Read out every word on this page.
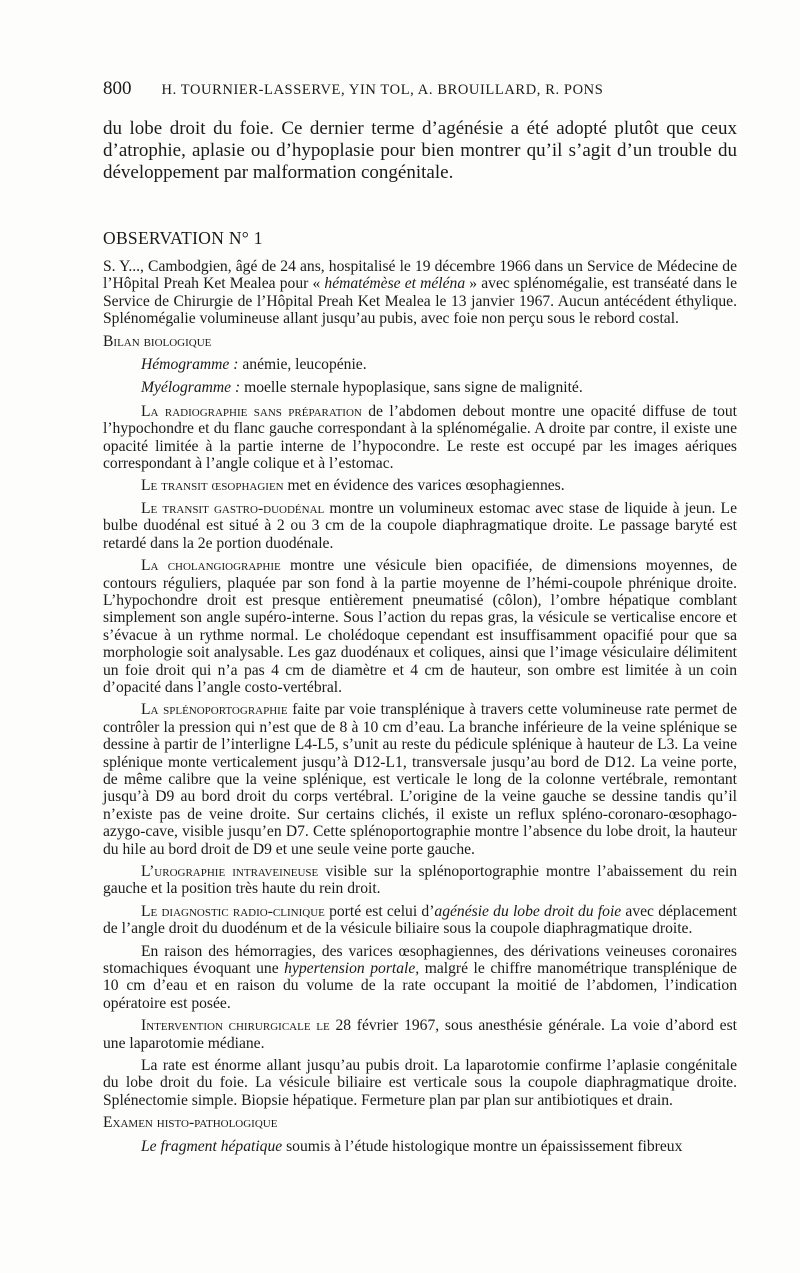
800 H. TOURNIER-LASSERVE, YIN TOL, A. BROUILLARD, R. PONS

du lobe droit du foie. Ce dernier terme d’agénésie a été adopté plutôt que ceux d’atrophie, aplasie ou d’hypoplasie pour bien montrer qu’il s’agit d’un trouble du développement par malformation congénitale.

OBSERVATION N° 1

S. Y..., Cambodgien, âgé de 24 ans, hospitalisé le 19 décembre 1966 dans un Service de Médecine de l’Hôpital Preah Ket Mealea pour « hématémèse et méléna » avec splénomégalie, est transéaté dans le Service de Chirurgie de l’Hôpital Preah Ket Mealea le 13 janvier 1967. Aucun antécédent éthylique. Splénomégalie volumineuse allant jusqu’au pubis, avec foie non perçu sous le rebord costal.

Bilan biologique

Hémogramme : anémie, leucopénie.
Myélogramme : moelle sternale hypoplasique, sans signe de malignité.

La radiographie sans préparation de l’abdomen debout montre une opacité diffuse de tout l’hypochondre et du flanc gauche correspondant à la splénomégalie. A droite par contre, il existe une opacité limitée à la partie interne de l’hypocondre. Le reste est occupé par les images aériques correspondant à l’angle colique et à l’estomac.

Le transit œsophagien met en évidence des varices œsophagiennes.

Le transit gastro-duodénal montre un volumineux estomac avec stase de liquide à jeun. Le bulbe duodénal est situé à 2 ou 3 cm de la coupole diaphragmatique droite. Le passage baryté est retardé dans la 2e portion duodénale.

La cholangiographie montre une vésicule bien opacifiée, de dimensions moyennes, de contours réguliers, plaquée par son fond à la partie moyenne de l’hémi-coupole phrénique droite. L’hypochondre droit est presque entièrement pneumatisé (côlon), l’ombre hépatique comblant simplement son angle supéro-interne. Sous l’action du repas gras, la vésicule se verticalise encore et s’évacue à un rythme normal. Le cholédoque cependant est insuffisamment opacifié pour que sa morphologie soit analysable. Les gaz duodénaux et coliques, ainsi que l’image vésiculaire délimitent un foie droit qui n’a pas 4 cm de diamètre et 4 cm de hauteur, son ombre est limitée à un coin d’opacité dans l’angle costo-vertébral.

La splénoportographie faite par voie transplénique à travers cette volumineuse rate permet de contrôler la pression qui n’est que de 8 à 10 cm d’eau. La branche inférieure de la veine splénique se dessine à partir de l’interligne L4-L5, s’unit au reste du pédicule splénique à hauteur de L3. La veine splénique monte verticalement jusqu’à D12-L1, transversale jusqu’au bord de D12. La veine porte, de même calibre que la veine splénique, est verticale le long de la colonne vertébrale, remontant jusqu’à D9 au bord droit du corps vertébral. L’origine de la veine gauche se dessine tandis qu’il n’existe pas de veine droite. Sur certains clichés, il existe un reflux spléno-coronaro-œsophago-azygo-cave, visible jusqu’en D7. Cette splénoportographie montre l’absence du lobe droit, la hauteur du hile au bord droit de D9 et une seule veine porte gauche.

L’urographie intraveineuse visible sur la splénoportographie montre l’abaissement du rein gauche et la position très haute du rein droit.

Le diagnostic radio-clinique porté est celui d’agénésie du lobe droit du foie avec déplacement de l’angle droit du duodénum et de la vésicule biliaire sous la coupole diaphragmatique droite.

En raison des hémorragies, des varices œsophagiennes, des dérivations veineuses coronaires stomachiques évoquant une hypertension portale, malgré le chiffre manométrique transplénique de 10 cm d’eau et en raison du volume de la rate occupant la moitié de l’abdomen, l’indication opératoire est posée.

Intervention chirurgicale le 28 février 1967, sous anesthésie générale. La voie d’abord est une laparotomie médiane.

La rate est énorme allant jusqu’au pubis droit. La laparotomie confirme l’aplasie congénitale du lobe droit du foie. La vésicule biliaire est verticale sous la coupole diaphragmatique droite. Splénectomie simple. Biopsie hépatique. Fermeture plan par plan sur antibiotiques et drain.

Examen histo-pathologique

Le fragment hépatique soumis à l’étude histologique montre un épaississement fibreux
